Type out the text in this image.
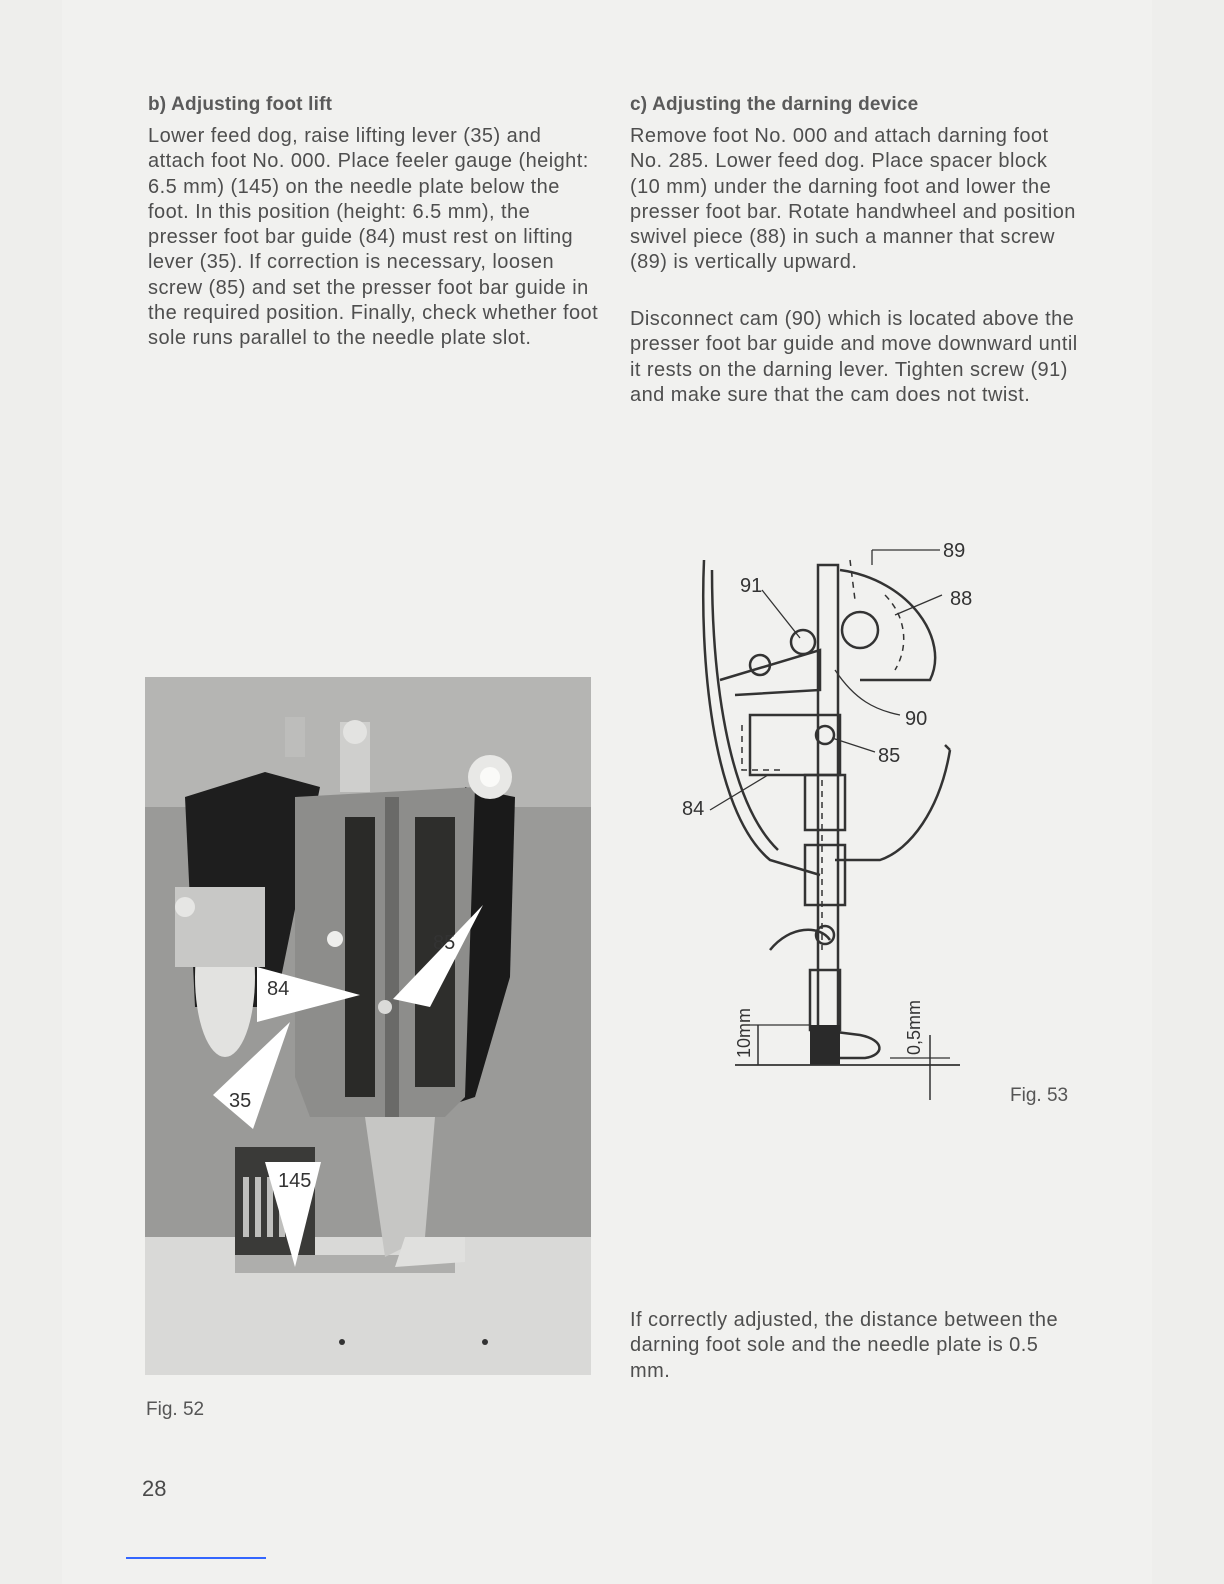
b) Adjusting foot lift

Lower feed dog, raise lifting lever (35) and attach foot No. 000. Place feeler gauge (height: 6.5 mm) (145) on the needle plate below the foot. In this position (height: 6.5 mm), the presser foot bar guide (84) must rest on lifting lever (35). If correction is necessary, loosen screw (85) and set the presser foot bar guide in the required position. Finally, check whether foot sole runs parallel to the needle plate slot.

c) Adjusting the darning device

Remove foot No. 000 and attach darning foot No. 285. Lower feed dog. Place spacer block (10 mm) under the darning foot and lower the presser foot bar. Rotate handwheel and position swivel piece (88) in such a manner that screw (89) is vertically upward.

Disconnect cam (90) which is located above the presser foot bar guide and move downward until it rests on the darning lever. Tighten screw (91) and make sure that the cam does not twist.

If correctly adjusted, the distance between the darning foot sole and the needle plate is 0.5 mm.

85
84
35
145
Fig. 52
89
88
91
90
85
84
10mm	0,5mm
Fig. 53
28
